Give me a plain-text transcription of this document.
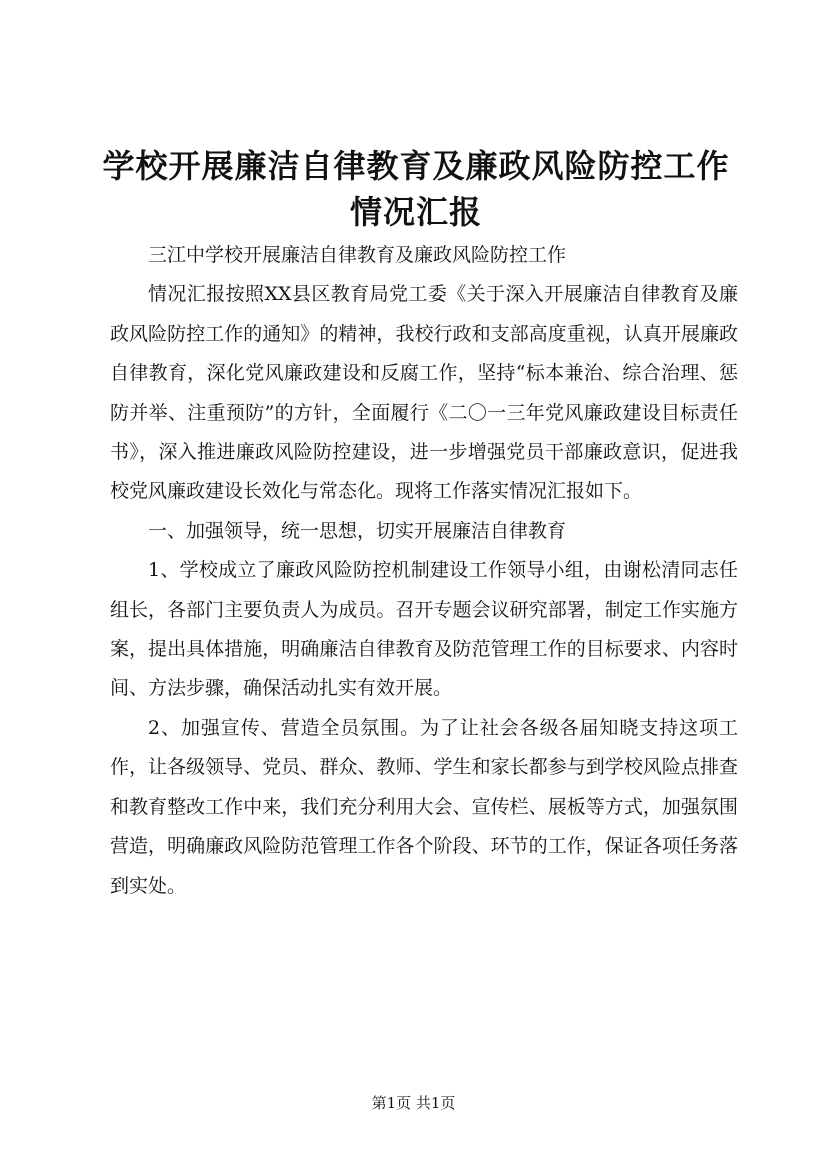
学校开展廉洁自律教育及廉政风险防控工作情况汇报

三江中学校开展廉洁自律教育及廉政风险防控工作

情况汇报按照XX县区教育局党工委《关于深入开展廉洁自律教育及廉政风险防控工作的通知》的精神，我校行政和支部高度重视，认真开展廉政自律教育，深化党风廉政建设和反腐工作，坚持“标本兼治、综合治理、惩防并举、注重预防”的方针，全面履行《二〇一三年党风廉政建设目标责任书》，深入推进廉政风险防控建设，进一步增强党员干部廉政意识，促进我校党风廉政建设长效化与常态化。现将工作落实情况汇报如下。

一、加强领导，统一思想，切实开展廉洁自律教育

1、学校成立了廉政风险防控机制建设工作领导小组，由谢松清同志任组长，各部门主要负责人为成员。召开专题会议研究部署，制定工作实施方案，提出具体措施，明确廉洁自律教育及防范管理工作的目标要求、内容时间、方法步骤，确保活动扎实有效开展。

2、加强宣传、营造全员氛围。为了让社会各级各届知晓支持这项工作，让各级领导、党员、群众、教师、学生和家长都参与到学校风险点排查和教育整改工作中来，我们充分利用大会、宣传栏、展板等方式，加强氛围营造，明确廉政风险防范管理工作各个阶段、环节的工作，保证各项任务落到实处。

第1页 共1页
